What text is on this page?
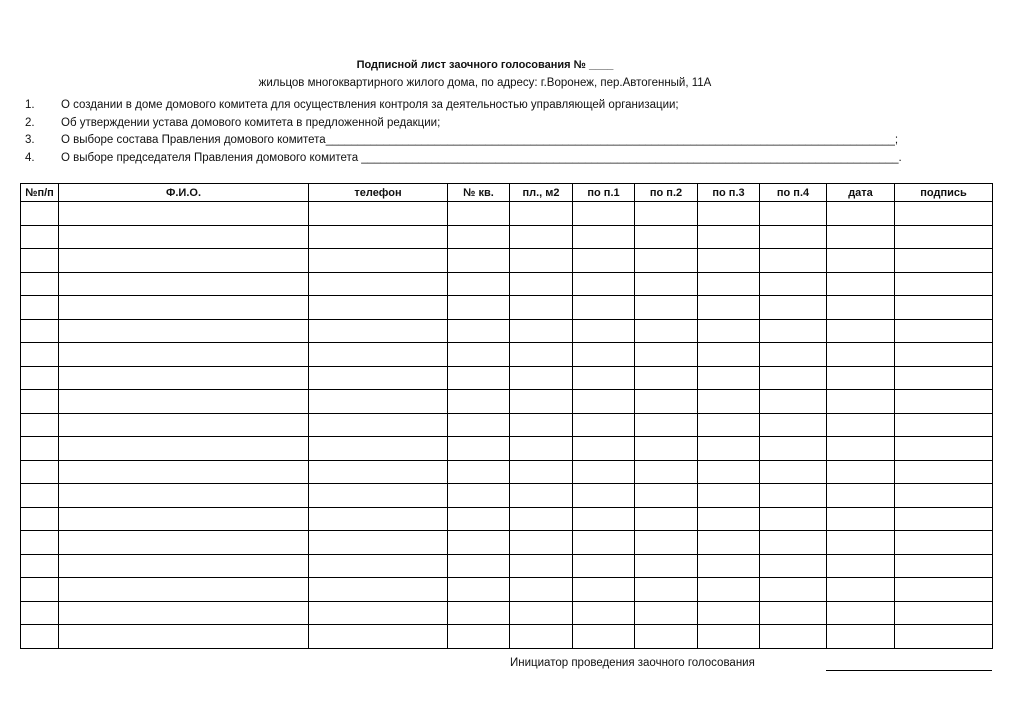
Подписной лист заочного голосования № ____
жильцов многоквартирного жилого дома, по адресу: г.Воронеж, пер.Автогенный, 11А
1. О создании в доме домового комитета для осуществления контроля за деятельностью управляющей организации;
2. Об утверждении устава домового комитета в предложенной редакции;
3. О выборе состава Правления домового комитета_________________________________________________________________________________________;
4. О выборе председателя Правления домового комитета ____________________________________________________________________________________.
№п/п	Ф.И.О.	телефон	№ кв.	пл., м2	по п.1	по п.2	по п.3	по п.4	дата	подпись

Инициатор проведения заочного голосования
